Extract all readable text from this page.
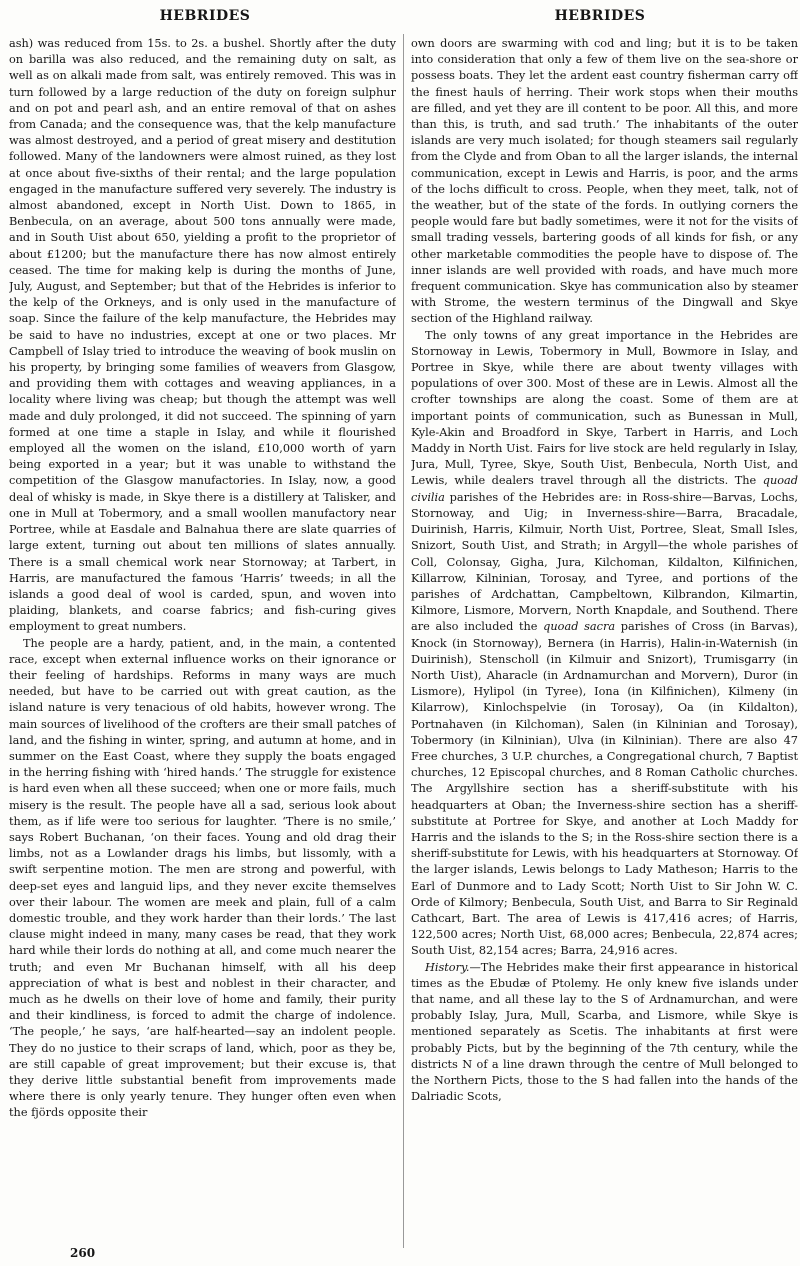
HEBRIDES	HEBRIDES

ash) was reduced from 15s. to 2s. a bushel. Shortly after the duty on barilla was also reduced, and the remaining duty on salt, as well as on alkali made from salt, was entirely removed. This was in turn followed by a large reduction of the duty on foreign sulphur and on pot and pearl ash, and an entire removal of that on ashes from Canada; and the consequence was, that the kelp manufacture was almost destroyed, and a period of great misery and destitution followed. Many of the landowners were almost ruined, as they lost at once about five-sixths of their rental; and the large population engaged in the manufacture suffered very severely. The industry is almost abandoned, except in North Uist. Down to 1865, in Benbecula, on an average, about 500 tons annually were made, and in South Uist about 650, yielding a profit to the proprietor of about £1200; but the manufacture there has now almost entirely ceased. The time for making kelp is during the months of June, July, August, and September; but that of the Hebrides is inferior to the kelp of the Orkneys, and is only used in the manufacture of soap. Since the failure of the kelp manufacture, the Hebrides may be said to have no industries, except at one or two places. Mr Campbell of Islay tried to introduce the weaving of book muslin on his property, by bringing some families of weavers from Glasgow, and providing them with cottages and weaving appliances, in a locality where living was cheap; but though the attempt was well made and duly prolonged, it did not succeed. The spinning of yarn formed at one time a staple in Islay, and while it flourished employed all the women on the island, £10,000 worth of yarn being exported in a year; but it was unable to withstand the competition of the Glasgow manufactories. In Islay, now, a good deal of whisky is made, in Skye there is a distillery at Talisker, and one in Mull at Tobermory, and a small woollen manufactory near Portree, while at Easdale and Balnahua there are slate quarries of large extent, turning out about ten millions of slates annually. There is a small chemical work near Stornoway; at Tarbert, in Harris, are manufactured the famous ‘Harris’ tweeds; in all the islands a good deal of wool is carded, spun, and woven into plaiding, blankets, and coarse fabrics; and fish-curing gives employment to great numbers.

The people are a hardy, patient, and, in the main, a contented race, except when external influence works on their ignorance or their feeling of hardships. Reforms in many ways are much needed, but have to be carried out with great caution, as the island nature is very tenacious of old habits, however wrong. The main sources of livelihood of the crofters are their small patches of land, and the fishing in winter, spring, and autumn at home, and in summer on the East Coast, where they supply the boats engaged in the herring fishing with ‘hired hands.’ The struggle for existence is hard even when all these succeed; when one or more fails, much misery is the result. The people have all a sad, serious look about them, as if life were too serious for laughter. ‘There is no smile,’ says Robert Buchanan, ‘on their faces. Young and old drag their limbs, not as a Lowlander drags his limbs, but lissomly, with a swift serpentine motion. The men are strong and powerful, with deep-set eyes and languid lips, and they never excite themselves over their labour. The women are meek and plain, full of a calm domestic trouble, and they work harder than their lords.’ The last clause might indeed in many, many cases be read, that they work hard while their lords do nothing at all, and come much nearer the truth; and even Mr Buchanan himself, with all his deep appreciation of what is best and noblest in their character, and much as he dwells on their love of home and family, their purity and their kindliness, is forced to admit the charge of indolence. ‘The people,’ he says, ‘are half-hearted—say an indolent people. They do no justice to their scraps of land, which, poor as they be, are still capable of great improvement; but their excuse is, that they derive little substantial benefit from improvements made where there is only yearly tenure. They hunger often even when the fjörds opposite their

own doors are swarming with cod and ling; but it is to be taken into consideration that only a few of them live on the sea-shore or possess boats. They let the ardent east country fisherman carry off the finest hauls of herring. Their work stops when their mouths are filled, and yet they are ill content to be poor. All this, and more than this, is truth, and sad truth.’ The inhabitants of the outer islands are very much isolated; for though steamers sail regularly from the Clyde and from Oban to all the larger islands, the internal communication, except in Lewis and Harris, is poor, and the arms of the lochs difficult to cross. People, when they meet, talk, not of the weather, but of the state of the fords. In outlying corners the people would fare but badly sometimes, were it not for the visits of small trading vessels, bartering goods of all kinds for fish, or any other marketable commodities the people have to dispose of. The inner islands are well provided with roads, and have much more frequent communication. Skye has communication also by steamer with Strome, the western terminus of the Dingwall and Skye section of the Highland railway.

The only towns of any great importance in the Hebrides are Stornoway in Lewis, Tobermory in Mull, Bowmore in Islay, and Portree in Skye, while there are about twenty villages with populations of over 300. Most of these are in Lewis. Almost all the crofter townships are along the coast. Some of them are at important points of communication, such as Bunessan in Mull, Kyle-Akin and Broadford in Skye, Tarbert in Harris, and Loch Maddy in North Uist. Fairs for live stock are held regularly in Islay, Jura, Mull, Tyree, Skye, South Uist, Benbecula, North Uist, and Lewis, while dealers travel through all the districts. The quoad civilia parishes of the Hebrides are: in Ross-shire—Barvas, Lochs, Stornoway, and Uig; in Inverness-shire—Barra, Bracadale, Duirinish, Harris, Kilmuir, North Uist, Portree, Sleat, Small Isles, Snizort, South Uist, and Strath; in Argyll—the whole parishes of Coll, Colonsay, Gigha, Jura, Kilchoman, Kildalton, Kilfinichen, Killarrow, Kilninian, Torosay, and Tyree, and portions of the parishes of Ardchattan, Campbeltown, Kilbrandon, Kilmartin, Kilmore, Lismore, Morvern, North Knapdale, and Southend. There are also included the quoad sacra parishes of Cross (in Barvas), Knock (in Stornoway), Bernera (in Harris), Halin-in-Waternish (in Duirinish), Stenscholl (in Kilmuir and Snizort), Trumisgarry (in North Uist), Aharacle (in Ardnamurchan and Morvern), Duror (in Lismore), Hylipol (in Tyree), Iona (in Kilfinichen), Kilmeny (in Kilarrow), Kinlochspelvie (in Torosay), Oa (in Kildalton), Portnahaven (in Kilchoman), Salen (in Kilninian and Torosay), Tobermory (in Kilninian), Ulva (in Kilninian). There are also 47 Free churches, 3 U.P. churches, a Congregational church, 7 Baptist churches, 12 Episcopal churches, and 8 Roman Catholic churches. The Argyllshire section has a sheriff-substitute with his headquarters at Oban; the Inverness-shire section has a sheriff-substitute at Portree for Skye, and another at Loch Maddy for Harris and the islands to the S; in the Ross-shire section there is a sheriff-substitute for Lewis, with his headquarters at Stornoway. Of the larger islands, Lewis belongs to Lady Matheson; Harris to the Earl of Dunmore and to Lady Scott; North Uist to Sir John W. C. Orde of Kilmory; Benbecula, South Uist, and Barra to Sir Reginald Cathcart, Bart. The area of Lewis is 417,416 acres; of Harris, 122,500 acres; North Uist, 68,000 acres; Benbecula, 22,874 acres; South Uist, 82,154 acres; Barra, 24,916 acres.

History.—The Hebrides make their first appearance in historical times as the Ebudæ of Ptolemy. He only knew five islands under that name, and all these lay to the S of Ardnamurchan, and were probably Islay, Jura, Mull, Scarba, and Lismore, while Skye is mentioned separately as Scetis. The inhabitants at first were probably Picts, but by the beginning of the 7th century, while the districts N of a line drawn through the centre of Mull belonged to the Northern Picts, those to the S had fallen into the hands of the Dalriadic Scots,

260
